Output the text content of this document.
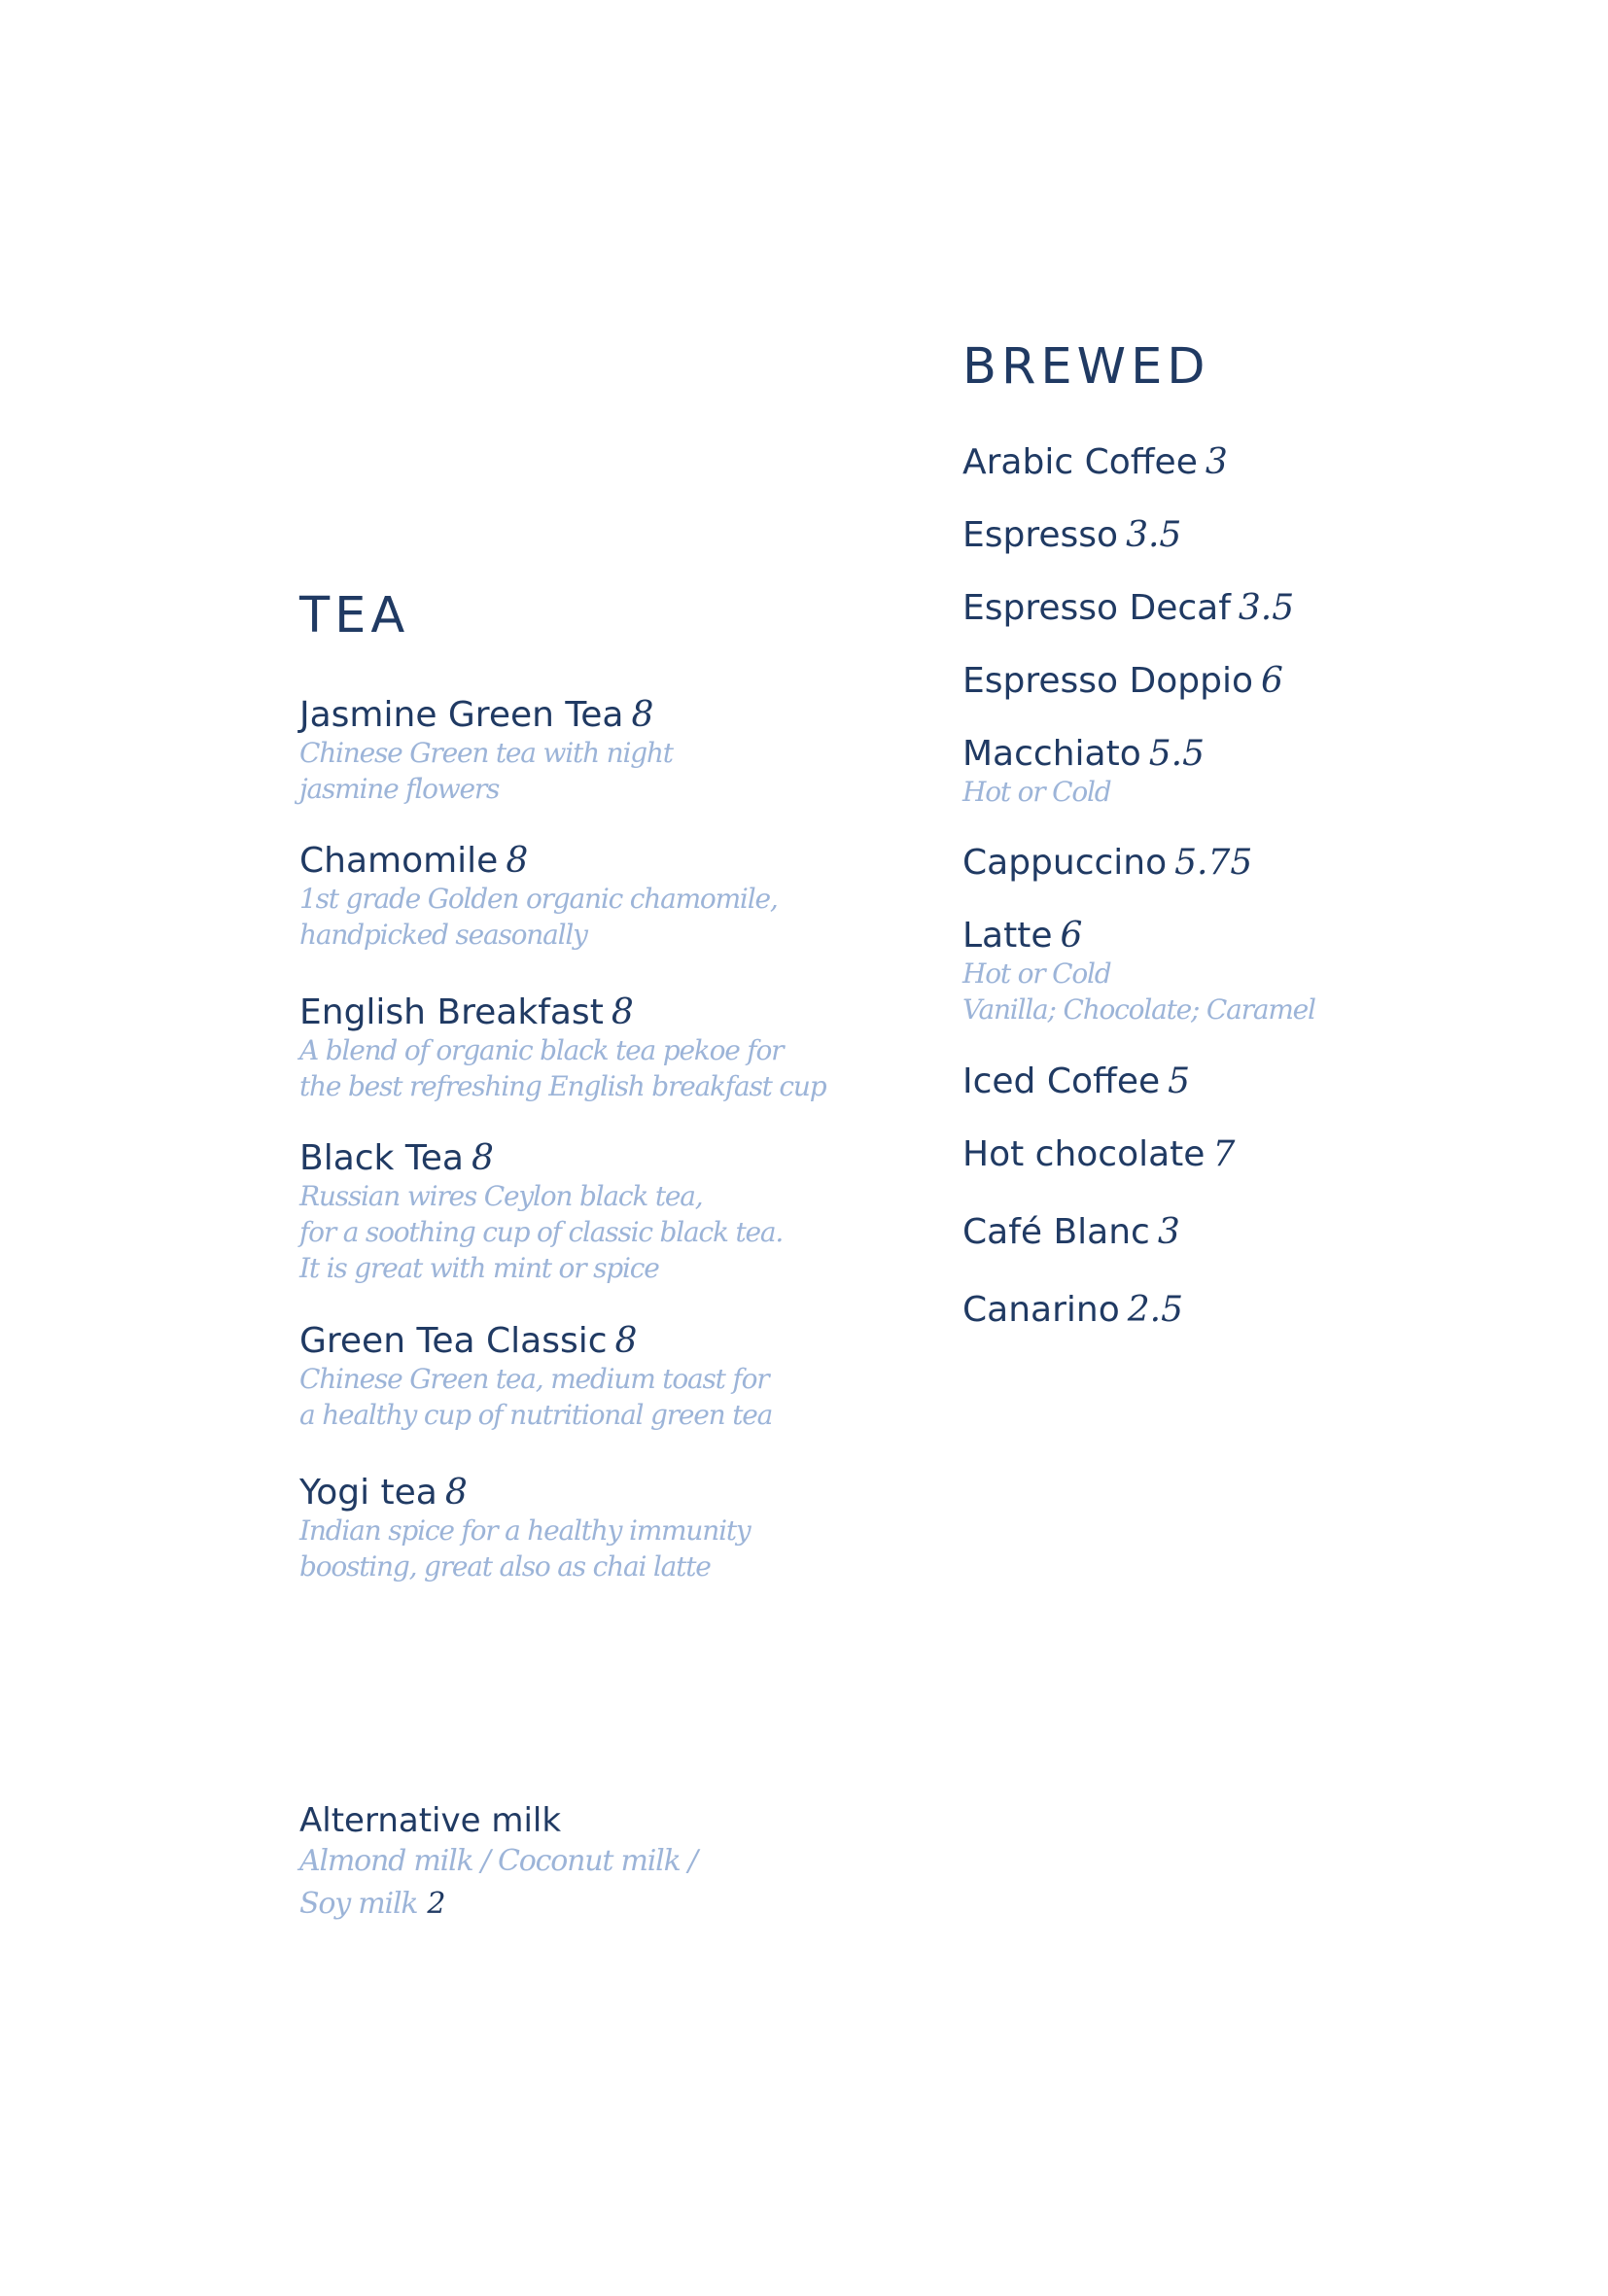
TEA
Jasmine Green Tea 8
Chinese Green tea with night
jasmine flowers
Chamomile 8
1st grade Golden organic chamomile,
handpicked seasonally
English Breakfast 8
A blend of organic black tea pekoe for
the best refreshing English breakfast cup
Black Tea 8
Russian wires Ceylon black tea,
for a soothing cup of classic black tea.
It is great with mint or spice
Green Tea Classic 8
Chinese Green tea, medium toast for
a healthy cup of nutritional green tea
Yogi tea 8
Indian spice for a healthy immunity
boosting, great also as chai latte
BREWED
Arabic Coffee 3
Espresso 3.5
Espresso Decaf 3.5
Espresso Doppio 6
Macchiato 5.5
Hot or Cold
Cappuccino 5.75
Latte 6
Hot or Cold
Vanilla; Chocolate; Caramel
Iced Coffee 5
Hot chocolate 7
Café Blanc 3
Canarino 2.5
Alternative milk
Almond milk / Coconut milk /
Soy milk 2
